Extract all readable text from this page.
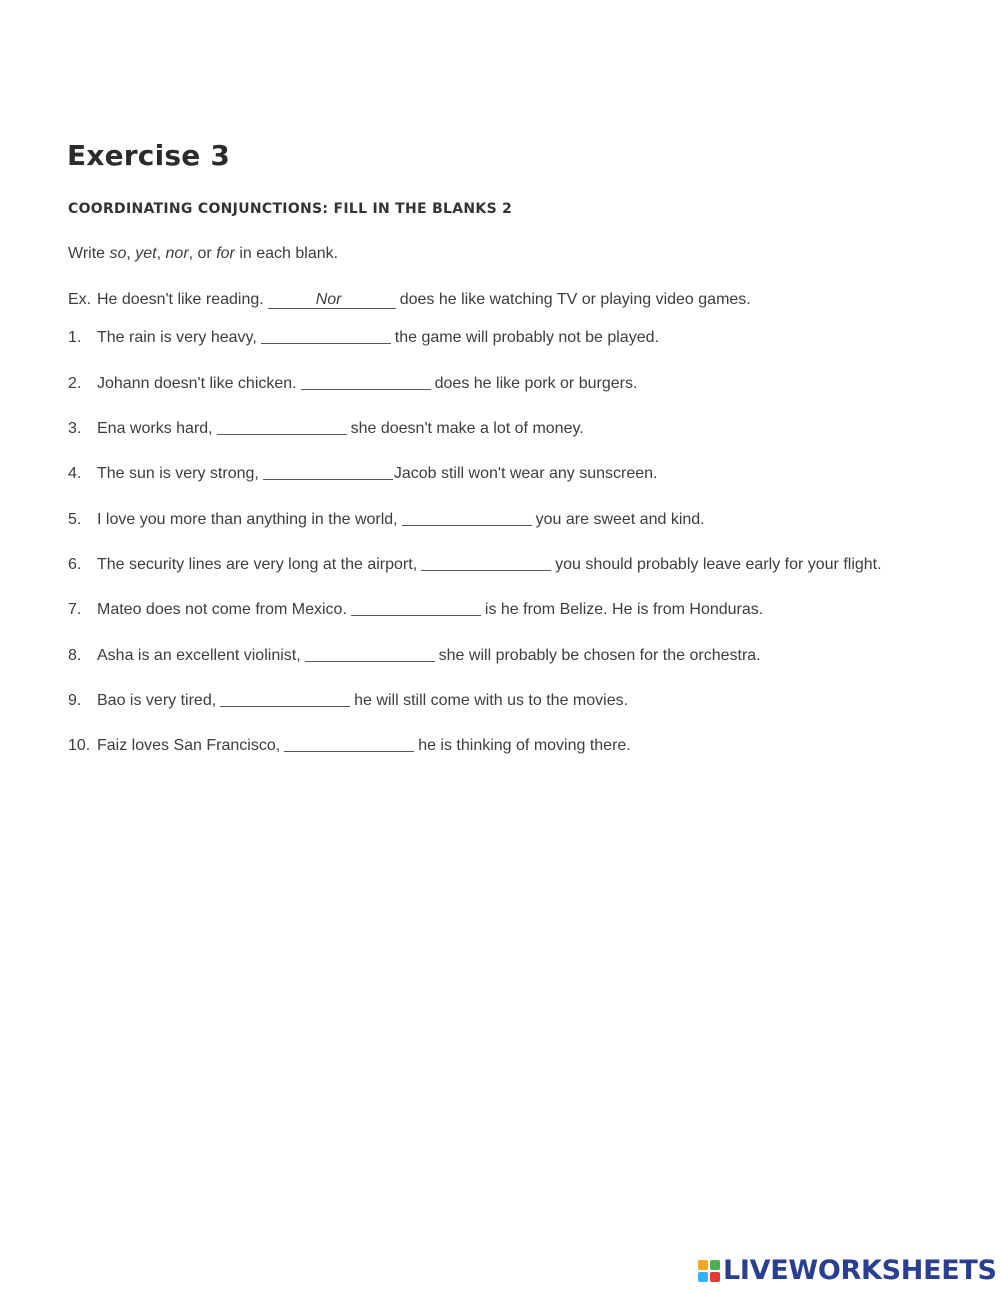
Exercise 3
COORDINATING CONJUNCTIONS: FILL IN THE BLANKS 2
Write so, yet, nor, or for in each blank.
Ex. He doesn't like reading.	Nor	does he like watching TV or playing video games.
1. The rain is very heavy,	the game will probably not be played.
2. Johann doesn't like chicken.	does he like pork or burgers.
3. Ena works hard,	she doesn't make a lot of money.
4. The sun is very strong,	Jacob still won't wear any sunscreen.
5. I love you more than anything in the world,	you are sweet and kind.
6. The security lines are very long at the airport,	you should probably leave early for your flight.
7. Mateo does not come from Mexico.	is he from Belize. He is from Honduras.
8. Asha is an excellent violinist,	she will probably be chosen for the orchestra.
9. Bao is very tired,	he will still come with us to the movies.
10. Faiz loves San Francisco,	he is thinking of moving there.
LIVEWORKSHEETS
